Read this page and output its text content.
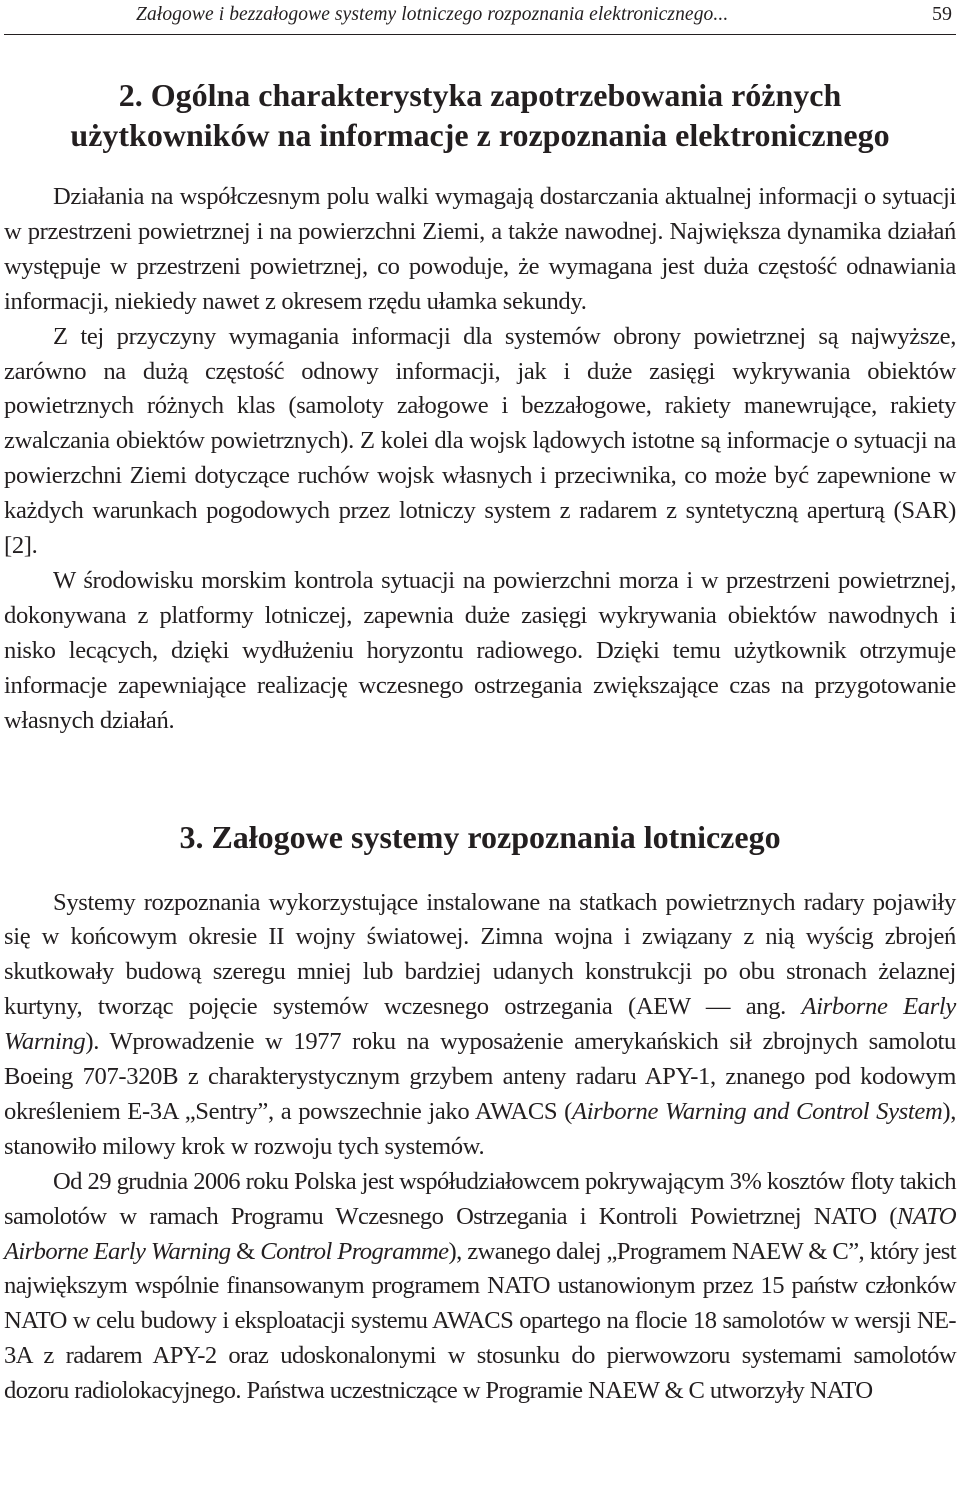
Załogowe i bezzałogowe systemy lotniczego rozpoznania elektronicznego...	59
2. Ogólna charakterystyka zapotrzebowania różnych
użytkowników na informacje z rozpoznania elektronicznego

Działania na współczesnym polu walki wymagają dostarczania aktualnej informacji o sytuacji w przestrzeni powietrznej i na powierzchni Ziemi, a także nawodnej. Największa dynamika działań występuje w przestrzeni powietrznej, co powoduje, że wymagana jest duża częstość odnawiania informacji, niekiedy nawet z okresem rzędu ułamka sekundy.

Z tej przyczyny wymagania informacji dla systemów obrony powietrznej są najwyższe, zarówno na dużą częstość odnowy informacji, jak i duże zasięgi wykrywania obiektów powietrznych różnych klas (samoloty załogowe i bezzałogowe, rakiety manewrujące, rakiety zwalczania obiektów powietrznych). Z kolei dla wojsk lądowych istotne są informacje o sytuacji na powierzchni Ziemi dotyczące ruchów wojsk własnych i przeciwnika, co może być zapewnione w każdych warunkach pogodowych przez lotniczy system z radarem z syntetyczną aperturą (SAR) [2].

W środowisku morskim kontrola sytuacji na powierzchni morza i w przestrzeni powietrznej, dokonywana z platformy lotniczej, zapewnia duże zasięgi wykrywania obiektów nawodnych i nisko lecących, dzięki wydłużeniu horyzontu radiowego. Dzięki temu użytkownik otrzymuje informacje zapewniające realizację wczesnego ostrzegania zwiększające czas na przygotowanie własnych działań.

3. Załogowe systemy rozpoznania lotniczego

Systemy rozpoznania wykorzystujące instalowane na statkach powietrznych radary pojawiły się w końcowym okresie II wojny światowej. Zimna wojna i związany z nią wyścig zbrojeń skutkowały budową szeregu mniej lub bardziej udanych konstrukcji po obu stronach żelaznej kurtyny, tworząc pojęcie systemów wczesnego ostrzegania (AEW — ang. Airborne Early Warning). Wprowadzenie w 1977 roku na wyposażenie amerykańskich sił zbrojnych samolotu Boeing 707-320B z charakterystycznym grzybem anteny radaru APY-1, znanego pod kodowym określeniem E-3A „Sentry”, a powszechnie jako AWACS (Airborne Warning and Control System), stanowiło milowy krok w rozwoju tych systemów.

Od 29 grudnia 2006 roku Polska jest współudziałowcem pokrywającym 3% kosztów floty takich samolotów w ramach Programu Wczesnego Ostrzegania i Kontroli Powietrznej NATO (NATO Airborne Early Warning & Control Programme), zwanego dalej „Programem NAEW & C”, który jest największym wspólnie finansowanym programem NATO ustanowionym przez 15 państw członków NATO w celu budowy i eksploatacji systemu AWACS opartego na flocie 18 samolotów w wersji NE-3A z radarem APY-2 oraz udoskonalonymi w stosunku do pierwowzoru systemami samolotów dozoru radiolokacyjnego. Państwa uczestniczące w Programie NAEW & C utworzyły NATO
